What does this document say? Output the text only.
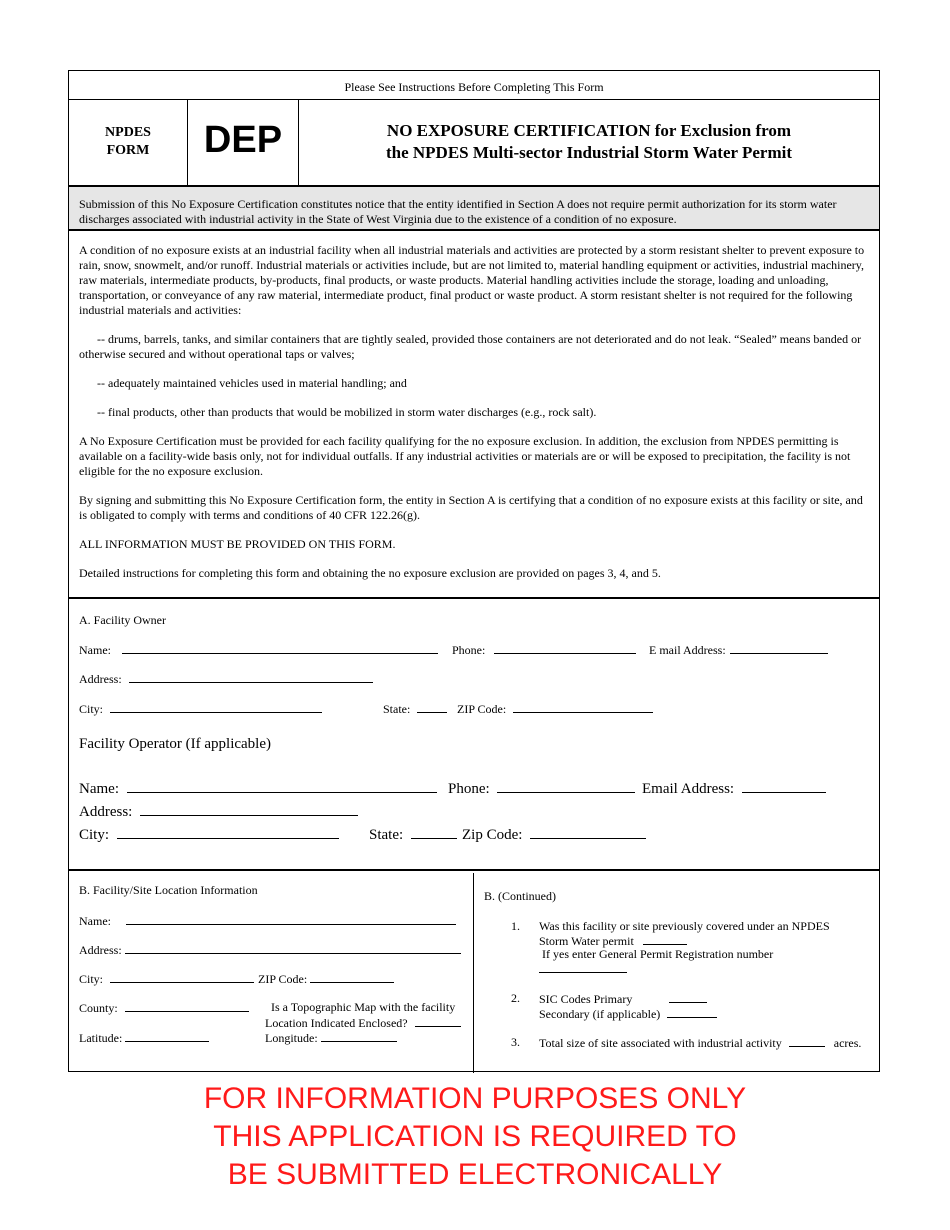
Please See Instructions Before Completing This Form
NPDES
FORM	DEP	NO EXPOSURE CERTIFICATION for Exclusion from
the NPDES Multi-sector Industrial Storm Water Permit
Submission of this No Exposure Certification constitutes notice that the entity identified in Section A does not require permit authorization for its storm water discharges associated with industrial activity in the State of West Virginia due to the existence of a condition of no exposure.

A condition of no exposure exists at an industrial facility when all industrial materials and activities are protected by a storm resistant shelter to prevent exposure to rain, snow, snowmelt, and/or runoff. Industrial materials or activities include, but are not limited to, material handling equipment or activities, industrial machinery, raw materials, intermediate products, by-products, final products, or waste products. Material handling activities include the storage, loading and unloading, transportation, or conveyance of any raw material, intermediate product, final product or waste product. A storm resistant shelter is not required for the following industrial materials and activities:

-- drums, barrels, tanks, and similar containers that are tightly sealed, provided those containers are not deteriorated and do not leak. “Sealed” means banded or otherwise secured and without operational taps or valves;

-- adequately maintained vehicles used in material handling; and

-- final products, other than products that would be mobilized in storm water discharges (e.g., rock salt).

A No Exposure Certification must be provided for each facility qualifying for the no exposure exclusion. In addition, the exclusion from NPDES permitting is available on a facility-wide basis only, not for individual outfalls. If any industrial activities or materials are or will be exposed to precipitation, the facility is not eligible for the no exposure exclusion.

By signing and submitting this No Exposure Certification form, the entity in Section A is certifying that a condition of no exposure exists at this facility or site, and is obligated to comply with terms and conditions of 40 CFR 122.26(g).

ALL INFORMATION MUST BE PROVIDED ON THIS FORM.

Detailed instructions for completing this form and obtaining the no exposure exclusion are provided on pages 3, 4, and 5.

A. Facility Owner
Name:	Phone:	E mail Address:
Address:
City:	State:	ZIP Code:
Facility Operator (If applicable)
Name:	Phone:	Email Address:
Address:
City:	State:	Zip Code:
B. Facility/Site Location Information
Name:
Address:
City:	ZIP Code:
County:	Is a Topographic Map with the facility
Location Indicated Enclosed?
Latitude:	Longitude:
B. (Continued)
1. Was this facility or site previously covered under an NPDES
Storm Water permit
If yes enter General Permit Registration number
2. SIC Codes Primary
Secondary (if applicable)
3. Total size of site associated with industrial activity	acres.
FOR INFORMATION PURPOSES ONLY
THIS APPLICATION IS REQUIRED TO
BE SUBMITTED ELECTRONICALLY
